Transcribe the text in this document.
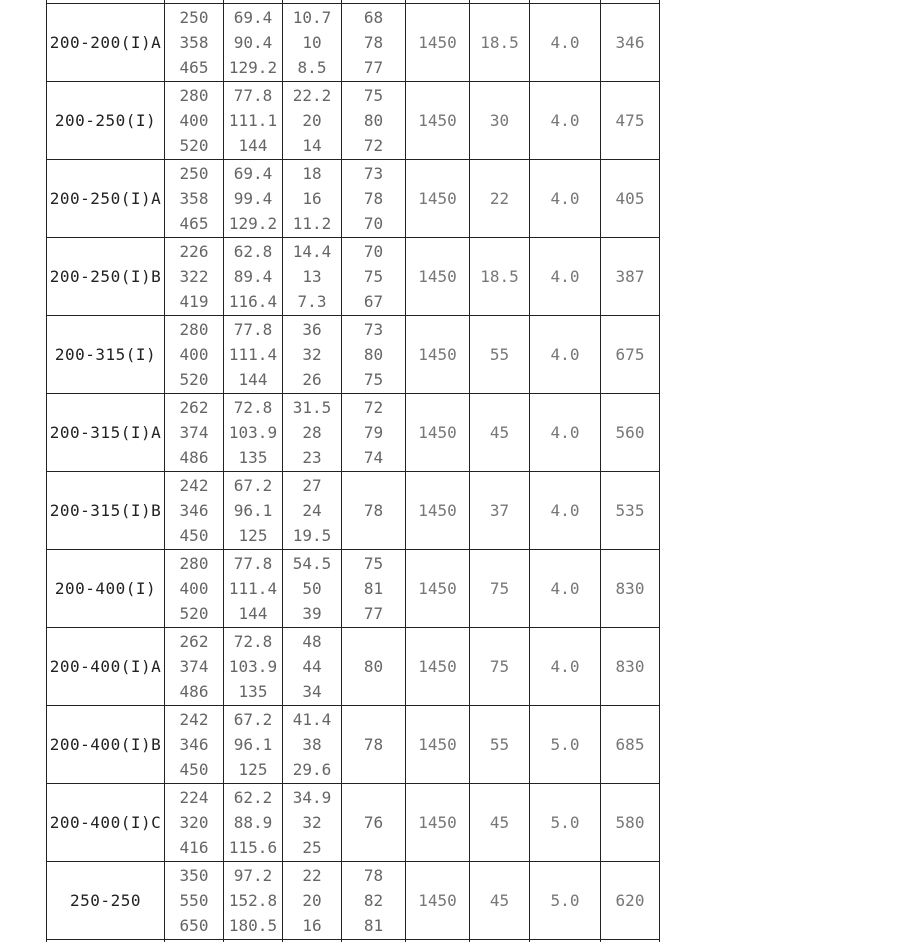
200-200(I)A	250
358
465	69.4
90.4
129.2	10.7
10
8.5	68
78
77	1450	18.5	4.0	346
200-250(I)	280
400
520	77.8
111.1
144	22.2
20
14	75
80
72	1450	30	4.0	475
200-250(I)A	250
358
465	69.4
99.4
129.2	18
16
11.2	73
78
70	1450	22	4.0	405
200-250(I)B	226
322
419	62.8
89.4
116.4	14.4
13
7.3	70
75
67	1450	18.5	4.0	387
200-315(I)	280
400
520	77.8
111.4
144	36
32
26	73
80
75	1450	55	4.0	675
200-315(I)A	262
374
486	72.8
103.9
135	31.5
28
23	72
79
74	1450	45	4.0	560
200-315(I)B	242
346
450	67.2
96.1
125	27
24
19.5	78	1450	37	4.0	535
200-400(I)	280
400
520	77.8
111.4
144	54.5
50
39	75
81
77	1450	75	4.0	830
200-400(I)A	262
374
486	72.8
103.9
135	48
44
34	80	1450	75	4.0	830
200-400(I)B	242
346
450	67.2
96.1
125	41.4
38
29.6	78	1450	55	5.0	685
200-400(I)C	224
320
416	62.2
88.9
115.6	34.9
32
25	76	1450	45	5.0	580
250-250	350
550
650	97.2
152.8
180.5	22
20
16	78
82
81	1450	45	5.0	620
